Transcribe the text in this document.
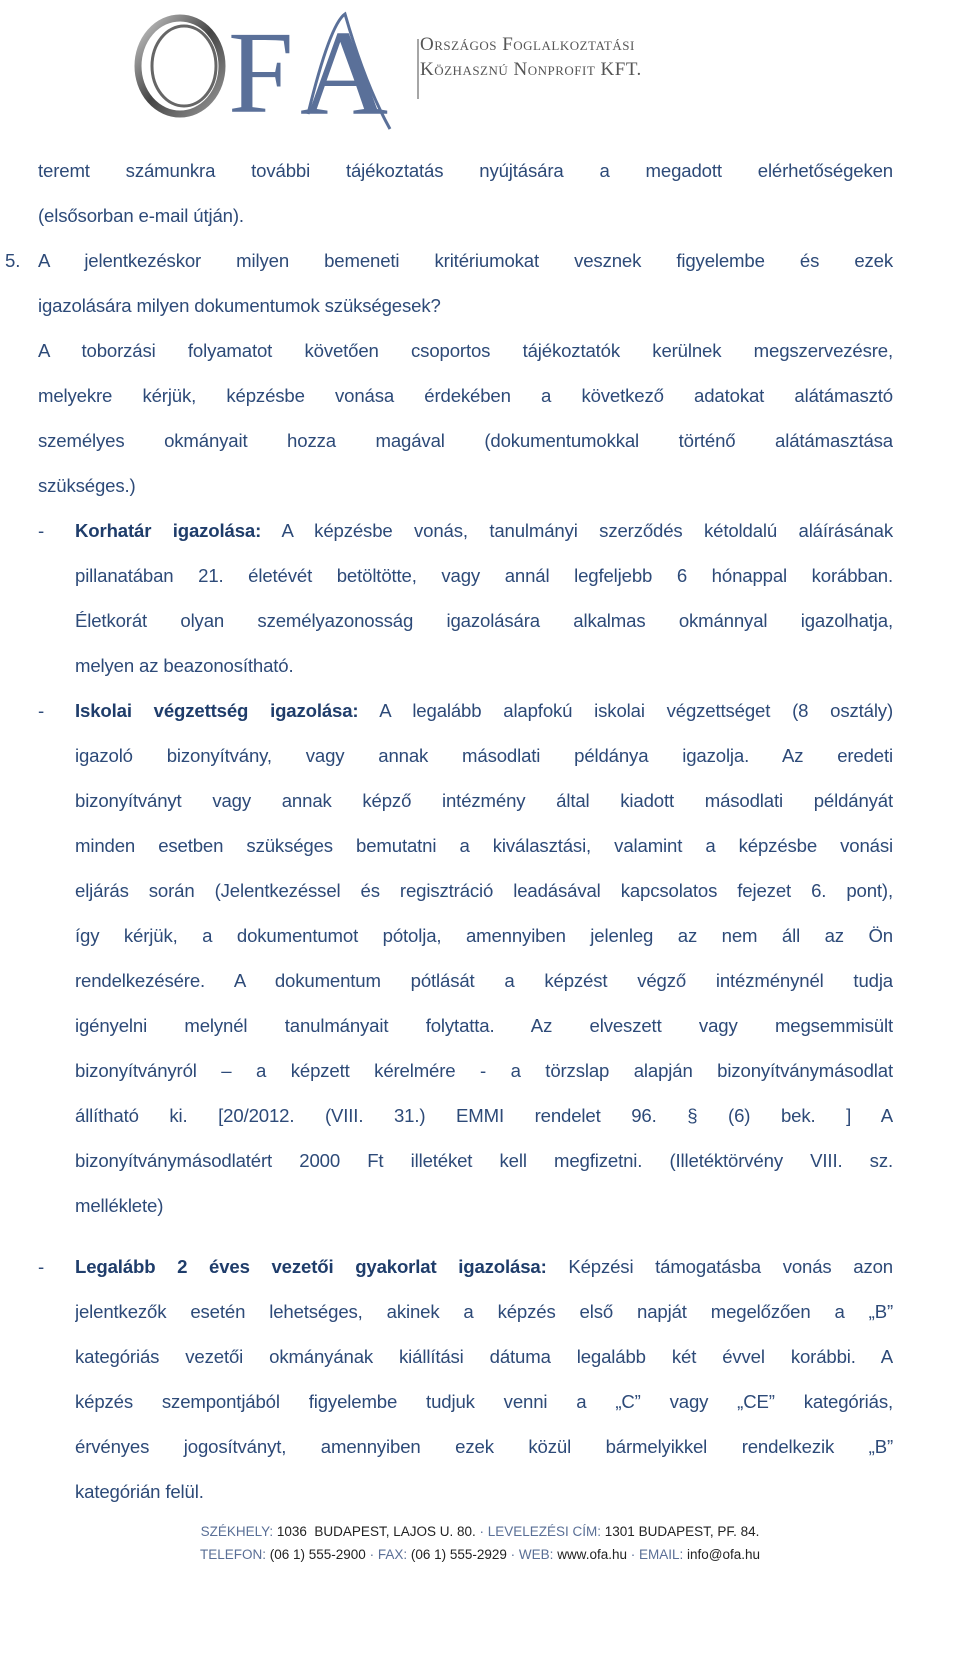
F A Országos Foglalkoztatási
Közhasznú Nonprofit KFT.
teremt számunkra további tájékoztatás nyújtására a megadott elérhetőségeken
(elsősorban e-mail útján).
A jelentkezéskor milyen bemeneti kritériumokat vesznek figyelembe és ezek
igazolására milyen dokumentumok szükségesek?
5.
A toborzási folyamatot követően csoportos tájékoztatók kerülnek megszervezésre,
melyekre kérjük, képzésbe vonása érdekében a következő adatokat alátámasztó
személyes okmányait hozza magával (dokumentumokkal történő alátámasztása
szükséges.)
- Korhatár igazolása: A képzésbe vonás, tanulmányi szerződés kétoldalú aláírásának
pillanatában 21. életévét betöltötte, vagy annál legfeljebb 6 hónappal korábban.
Életkorát olyan személyazonosság igazolására alkalmas okmánnyal igazolhatja,
melyen az beazonosítható.
- Iskolai végzettség igazolása: A legalább alapfokú iskolai végzettséget (8 osztály)
igazoló bizonyítvány, vagy annak másodlati példánya igazolja. Az eredeti
bizonyítványt vagy annak képző intézmény által kiadott másodlati példányát
minden esetben szükséges bemutatni a kiválasztási, valamint a képzésbe vonási
eljárás során (Jelentkezéssel és regisztráció leadásával kapcsolatos fejezet 6. pont),
így kérjük, a dokumentumot pótolja, amennyiben jelenleg az nem áll az Ön
rendelkezésére. A dokumentum pótlását a képzést végző intézménynél tudja
igényelni melynél tanulmányait folytatta. Az elveszett vagy megsemmisült
bizonyítványról – a képzett kérelmére - a törzslap alapján bizonyítványmásodlat
állítható ki. [20/2012. (VIII. 31.) EMMI rendelet 96. § (6) bek. ] A
bizonyítványmásodlatért 2000 Ft illetéket kell megfizetni. (Illetéktörvény VIII. sz.
melléklete)
- Legalább 2 éves vezetői gyakorlat igazolása: Képzési támogatásba vonás azon
jelentkezők esetén lehetséges, akinek a képzés első napját megelőzően a „B”
kategóriás vezetői okmányának kiállítási dátuma legalább két évvel korábbi. A
képzés szempontjából figyelembe tudjuk venni a „C” vagy „CE” kategóriás,
érvényes jogosítványt, amennyiben ezek közül bármelyikkel rendelkezik „B”
kategórián felül.
SZÉKHELY: 1036  BUDAPEST, LAJOS U. 80. · LEVELEZÉSI CÍM: 1301 BUDAPEST, PF. 84.
TELEFON: (06 1) 555-2900 · FAX: (06 1) 555-2929 · WEB: www.ofa.hu · EMAIL: info@ofa.hu
